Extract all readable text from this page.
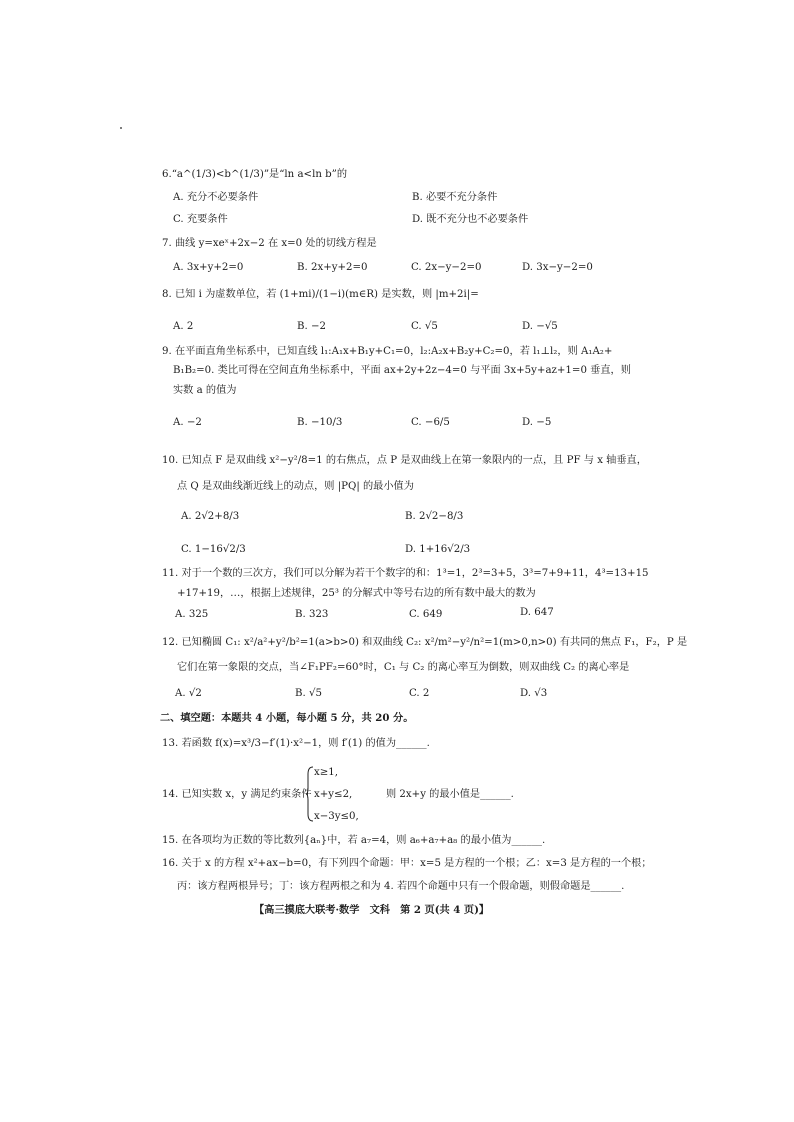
6.“a^(1/3)<b^(1/3)”是“ln a<ln b”的
A. 充分不必要条件	B. 必要不充分条件
C. 充要条件	D. 既不充分也不必要条件
7. 曲线 y=xeˣ+2x−2 在 x=0 处的切线方程是
A. 3x+y+2=0	B. 2x+y+2=0	C. 2x−y−2=0	D. 3x−y−2=0
8. 已知 i 为虚数单位，若 (1+mi)/(1−i)(m∈R) 是实数，则 |m+2i|=
A. 2	B. −2	C. √5	D. −√5
9. 在平面直角坐标系中，已知直线 l₁:A₁x+B₁y+C₁=0，l₂:A₂x+B₂y+C₂=0，若 l₁⊥l₂，则 A₁A₂+
B₁B₂=0. 类比可得在空间直角坐标系中，平面 ax+2y+2z−4=0 与平面 3x+5y+az+1=0 垂直，则
实数 a 的值为
A. −2	B. −10/3	C. −6/5	D. −5
10. 已知点 F 是双曲线 x²−y²/8=1 的右焦点，点 P 是双曲线上在第一象限内的一点，且 PF 与 x 轴垂直，
点 Q 是双曲线渐近线上的动点，则 |PQ| 的最小值为
A. 2√2+8/3	B. 2√2−8/3
C. 1−16√2/3	D. 1+16√2/3
11. 对于一个数的三次方，我们可以分解为若干个数字的和：1³=1，2³=3+5，3³=7+9+11，4³=13+15
+17+19，…，根据上述规律，25³ 的分解式中等号右边的所有数中最大的数为
A. 325	B. 323	C. 649	D. 647
12. 已知椭圆 C₁: x²/a²+y²/b²=1(a>b>0) 和双曲线 C₂: x²/m²−y²/n²=1(m>0,n>0) 有共同的焦点 F₁，F₂，P 是
它们在第一象限的交点，当∠F₁PF₂=60°时，C₁ 与 C₂ 的离心率互为倒数，则双曲线 C₂ 的离心率是
A. √2	B. √5	C. 2	D. √3
二、填空题：本题共 4 小题，每小题 5 分，共 20 分。
13. 若函数 f(x)=x³/3−f′(1)·x²−1，则 f′(1) 的值为______.
14. 已知实数 x，y 满足约束条件
x≥1,
x+y≤2,
x−3y≤0,
则 2x+y 的最小值是______.
15. 在各项均为正数的等比数列{aₙ}中，若 a₇=4，则 a₆+a₇+a₈ 的最小值为______.
16. 关于 x 的方程 x²+ax−b=0，有下列四个命题：甲：x=5 是方程的一个根；乙：x=3 是方程的一个根；
丙：该方程两根异号；丁：该方程两根之和为 4. 若四个命题中只有一个假命题，则假命题是______.
【高三摸底大联考·数学　文科　第 2 页(共 4 页)】
